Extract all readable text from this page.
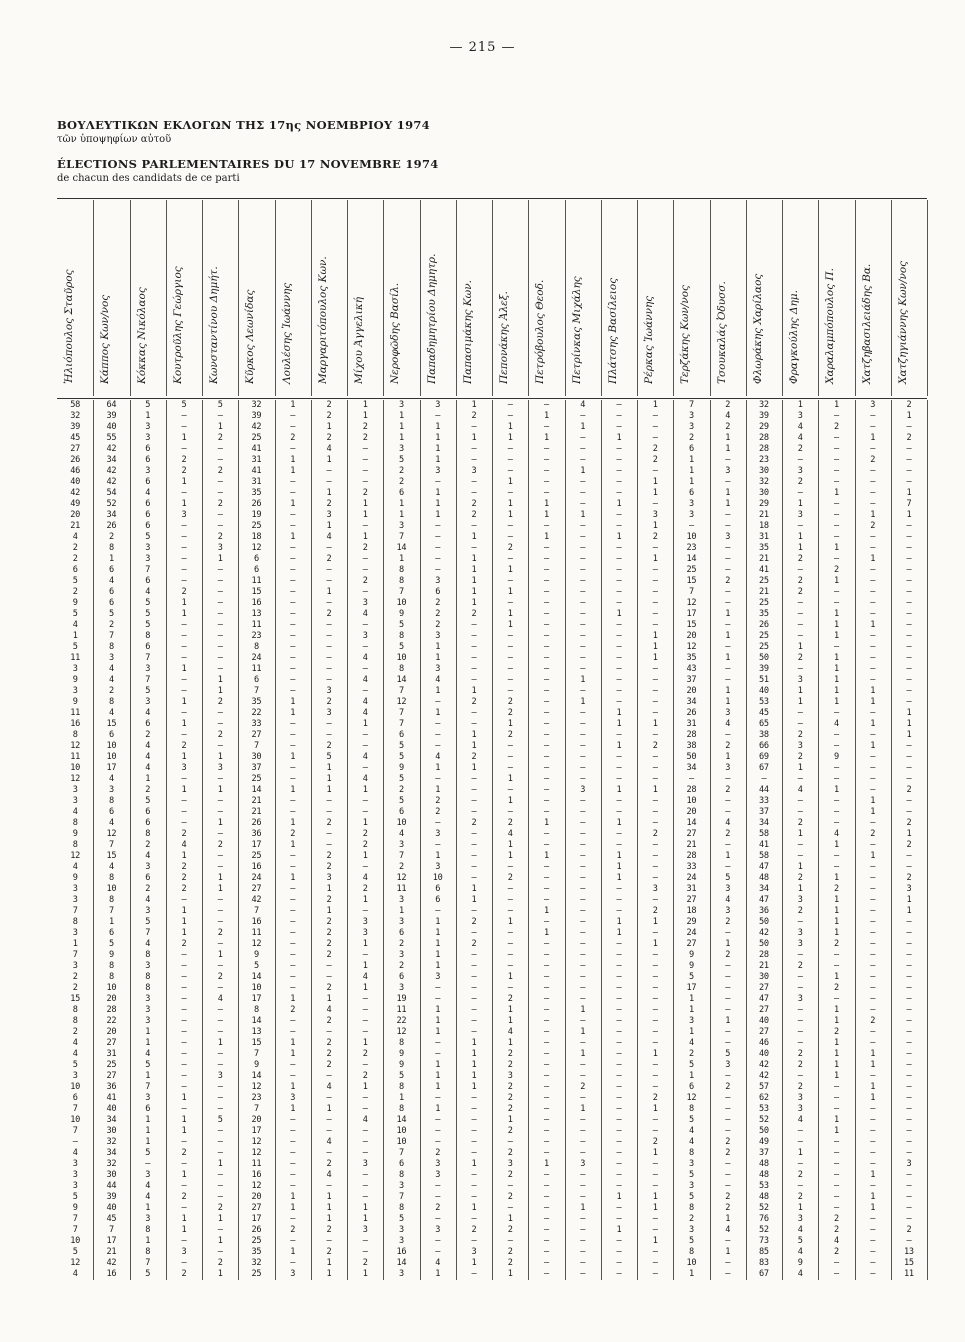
— 215 —
ΒΟΥΛΕΥΤΙΚΩΝ ΕΚΛΟΓΩΝ ΤΗΣ 17ης ΝΟΕΜΒΡΙΟΥ 1974
τῶν ὑποψηφίων αὐτοῦ
ÉLECTIONS PARLEMENTAIRES DU 17 NOVEMBRE 1974
de chacun des candidats de ce parti
Ἠλιόπουλος Σταῦρος
58
32
39
45
27
26
46
40
42
49
20
21
4
2
2
6
5
2
9
5
4
1
5
11
3
9
3
9
11
16
8
12
11
10
12
3
3
4
8
9
8
12
4
9
3
3
7
8
3
1
7
3
2
2
15
8
8
2
4
4
5
3
10
6
7
10
7
—
4
3
3
3
5
9
7
7
10
5
12
4
Κάππος Κων/νος
64
39
40
55
42
34
42
42
54
52
34
26
2
8
1
6
4
6
6
5
2
7
8
3
4
4
2
8
4
15
6
10
10
17
4
3
8
6
4
12
7
15
4
8
10
8
7
1
6
5
9
8
8
10
20
28
22
20
27
31
25
27
36
41
40
34
30
32
34
32
30
44
39
40
45
7
17
21
42
16
Κόκκας Νικόλαος
5
1
3
3
6
6
3
6
4
6
6
6
5
3
3
7
6
4
5
5
5
8
6
7
3
7
5
3
4
6
2
4
4
4
1
2
5
6
6
8
2
4
3
6
2
4
3
5
7
4
8
3
8
8
3
3
3
1
1
4
5
1
7
3
6
1
1
1
5
—
3
4
4
1
3
8
1
8
7
5
Κουτροῦλης Γεώργιος
5
—
—
1
—
2
2
1
—
1
3
—
—
—
—
—
—
2
1
1
—
—
—
—
1
—
—
1
—
1
—
2
1
3
—
1
—
—
—
2
4
1
2
2
2
—
1
1
1
2
—
—
—
—
—
—
—
—
—
—
—
—
—
1
—
1
1
—
2
—
1
—
2
—
1
1
—
3
—
2
Κωνσταντίνου Δημήτ.
5
—
1
2
—
—
2
—
—
2
—
—
2
3
1
—
—
—
—
—
—
—
—
—
—
1
1
2
—
—
2
—
1
3
—
1
—
—
1
—
2
—
—
1
1
—
—
—
2
—
1
—
2
—
4
—
—
—
1
—
—
3
—
—
—
5
—
—
—
1
—
—
—
2
1
—
1
—
2
1
Κῦρκος Λεωνίδας
32
39
42
25
41
31
41
31
35
26
19
25
18
12
6
6
11
15
16
13
11
23
8
24
11
6
7
35
22
33
27
7
30
37
25
14
21
21
26
36
17
25
16
24
27
42
7
16
11
12
9
5
14
10
17
8
14
13
15
7
9
14
12
23
7
20
17
12
12
11
16
12
20
27
17
26
25
35
32
25
Λουλέσης Ἰωάννης
1
—
—
2
—
1
1
—
—
1
—
—
1
—
—
—
—
—
—
—
—
—
—
—
—
—
—
1
1
—
—
—
1
—
—
1
—
—
1
2
1
—
—
1
—
—
—
—
—
—
—
—
—
—
1
2
—
—
1
1
—
—
1
3
1
—
—
—
—
—
—
—
1
1
—
2
—
1
—
3
Μαργαριτόπουλος Κων.
2
2
1
2
4
1
—
—
1
2
3
1
4
—
2
—
—
1
—
2
—
—
—
—
—
—
3
2
3
—
—
2
5
1
1
1
—
—
2
—
—
2
2
3
1
2
1
2
2
2
2
—
—
2
1
4
2
—
2
2
2
—
4
—
1
—
—
4
—
2
4
—
1
1
1
2
—
2
1
1
Μίχου Ἀγγελική
1
1
2
2
—
—
—
—
2
1
1
—
1
2
—
—
2
—
3
4
—
3
—
4
—
4
—
4
4
1
—
—
4
—
4
1
—
—
1
2
2
1
—
4
2
1
—
3
3
1
—
1
4
1
—
—
—
—
1
2
—
2
1
—
—
4
—
—
—
3
—
—
—
1
1
3
—
—
2
1
Νεροφῶδης Βασίλ.
3
1
1
1
3
5
2
2
6
1
1
3
7
14
1
8
8
7
10
9
5
8
5
10
8
14
7
12
7
7
6
5
5
9
5
2
5
6
10
4
3
7
2
12
11
3
1
3
6
2
3
2
6
3
19
11
22
12
8
9
9
5
8
1
8
14
10
10
7
6
8
3
7
8
5
3
3
16
14
3
Παπαδημητρίου Δημητρ.
3
—
1
1
1
1
3
—
1
1
1
—
—
—
—
—
3
6
2
2
2
3
1
1
3
4
1
—
1
—
—
—
4
1
—
1
2
2
—
3
—
1
3
10
6
6
—
1
1
1
1
1
3
—
—
1
1
1
—
—
1
1
1
—
1
—
—
—
2
3
3
—
—
2
—
3
—
—
4
1
Παπασιμάκης Κων.
1
2
—
1
—
—
3
—
—
2
2
—
1
—
1
1
1
1
1
2
—
—
—
—
—
—
1
2
—
—
1
1
2
1
—
—
—
—
2
—
—
—
—
—
1
1
—
2
—
2
—
—
—
—
—
—
—
—
1
1
1
1
1
—
—
—
—
—
—
1
—
—
—
1
—
2
—
3
1
—
Πεπονάκης Ἀλεξ.
—
—
1
1
—
—
—
1
—
1
1
—
—
2
—
1
—
1
—
1
1
—
—
—
—
—
—
2
2
1
2
—
—
—
1
—
1
—
2
4
1
1
—
2
—
—
—
1
—
—
—
—
1
—
2
1
1
4
1
2
2
3
2
2
2
1
2
—
2
3
2
—
2
—
1
2
—
2
2
1
Πετρόβουλος Θεοδ.
—
1
—
1
—
—
—
—
—
1
1
—
1
—
—
—
—
—
—
—
—
—
—
—
—
—
—
—
—
—
—
—
—
—
—
—
—
—
1
—
—
1
—
—
—
—
1
—
1
—
—
—
—
—
—
—
—
—
—
—
—
—
—
—
—
—
—
—
—
1
—
—
—
—
—
—
—
—
—
—
Πετρίνκας Μιχάλης
4
—
1
—
—
—
1
—
—
—
1
—
—
—
—
—
—
—
—
—
—
—
—
—
—
1
—
1
—
—
—
—
—
—
—
3
—
—
—
—
—
—
—
—
—
—
—
—
—
—
—
—
—
—
—
1
—
1
—
1
—
—
2
—
1
—
—
—
—
3
—
—
—
1
—
—
—
—
—
—
Πλάτσης Βασίλειος
—
—
—
1
—
—
—
—
—
1
—
—
1
—
—
—
—
—
—
1
—
—
—
—
—
—
—
—
1
1
—
1
—
—
—
1
—
—
1
—
—
1
1
1
—
—
—
1
1
—
—
—
—
—
—
—
—
—
—
—
—
—
—
—
—
—
—
—
—
—
—
—
1
—
—
1
—
—
—
—
Ρέρκας Ἰωάννης
1
—
—
—
2
2
—
1
1
—
3
1
2
—
1
—
—
—
—
—
—
1
1
1
—
—
—
—
—
1
—
2
—
—
—
1
—
—
—
2
—
—
—
—
3
—
2
1
—
1
—
—
—
—
—
—
—
—
—
1
—
—
—
2
1
—
—
2
1
—
—
—
1
1
—
—
1
—
—
—
Τερζάκης Κων/νος
7
3
3
2
6
1
1
1
6
3
3
—
10
23
14
25
15
7
12
17
15
20
12
35
43
37
20
34
26
31
28
38
50
34
—
28
10
20
14
27
21
28
33
24
31
27
18
29
24
27
9
9
5
17
1
1
3
1
4
2
5
1
6
12
8
5
4
4
8
3
5
3
5
8
2
3
5
8
10
1
Τσουκαλάς Ὀδυσσ.
2
4
2
1
1
—
3
—
1
1
—
—
3
—
—
—
2
—
—
1
—
1
—
1
—
—
1
1
3
4
—
2
1
3
—
2
—
—
4
2
—
1
—
5
3
4
3
2
—
1
2
—
—
—
—
—
1
—
—
5
3
—
2
—
—
—
—
2
2
—
—
—
2
2
1
4
—
1
—
—
Φλωράκης Χαρίλαος
32
39
29
28
28
23
30
32
30
29
21
18
31
35
21
41
25
21
25
35
26
25
25
50
39
51
40
53
45
65
38
66
69
67
—
44
33
37
34
58
41
58
47
48
34
47
36
50
42
50
28
21
30
27
47
27
40
27
46
40
42
42
57
62
53
52
50
49
37
48
48
53
48
52
76
52
73
85
83
67
Φραγκούλης Δημ.
1
3
4
4
2
—
3
2
—
1
3
—
1
1
2
—
2
2
—
—
—
—
1
2
—
3
1
1
—
—
2
3
2
1
—
4
—
—
2
1
—
—
1
2
1
3
2
—
3
3
—
2
—
—
3
—
—
—
—
2
2
—
2
3
3
4
—
—
1
—
2
—
2
1
3
4
5
4
9
4
Χαραλαμπόπουλος Π.
1
—
2
—
—
—
—
—
1
—
—
—
—
1
—
2
1
—
—
1
1
1
—
1
1
1
1
1
—
4
—
—
9
—
—
1
—
—
—
4
1
—
—
1
2
1
1
1
1
2
—
—
1
2
—
1
1
2
1
1
1
1
—
—
—
1
1
—
—
—
—
—
—
—
2
2
4
2
—
—
Χατζηβασιλειάδης Βα.
3
—
—
1
—
2
—
—
—
—
1
2
—
—
1
—
—
—
—
—
1
—
—
—
—
—
1
1
—
1
—
1
—
—
—
—
1
1
—
2
—
1
—
—
—
—
—
—
—
—
—
—
—
—
—
—
2
—
—
1
1
—
1
1
—
—
—
—
—
—
1
—
1
1
—
—
—
—
—
—
Χατζηγιάννης Κων/νος
2
1
—
2
—
—
—
—
1
7
1
—
—
—
—
—
—
—
—
—
—
—
—
—
—
—
—
—
1
1
1
—
—
—
—
2
—
—
2
1
2
—
—
2
3
1
1
—
—
—
—
—
—
—
—
—
—
—
—
—
—
—
—
—
—
—
—
—
—
3
—
—
—
—
—
2
—
13
15
11
